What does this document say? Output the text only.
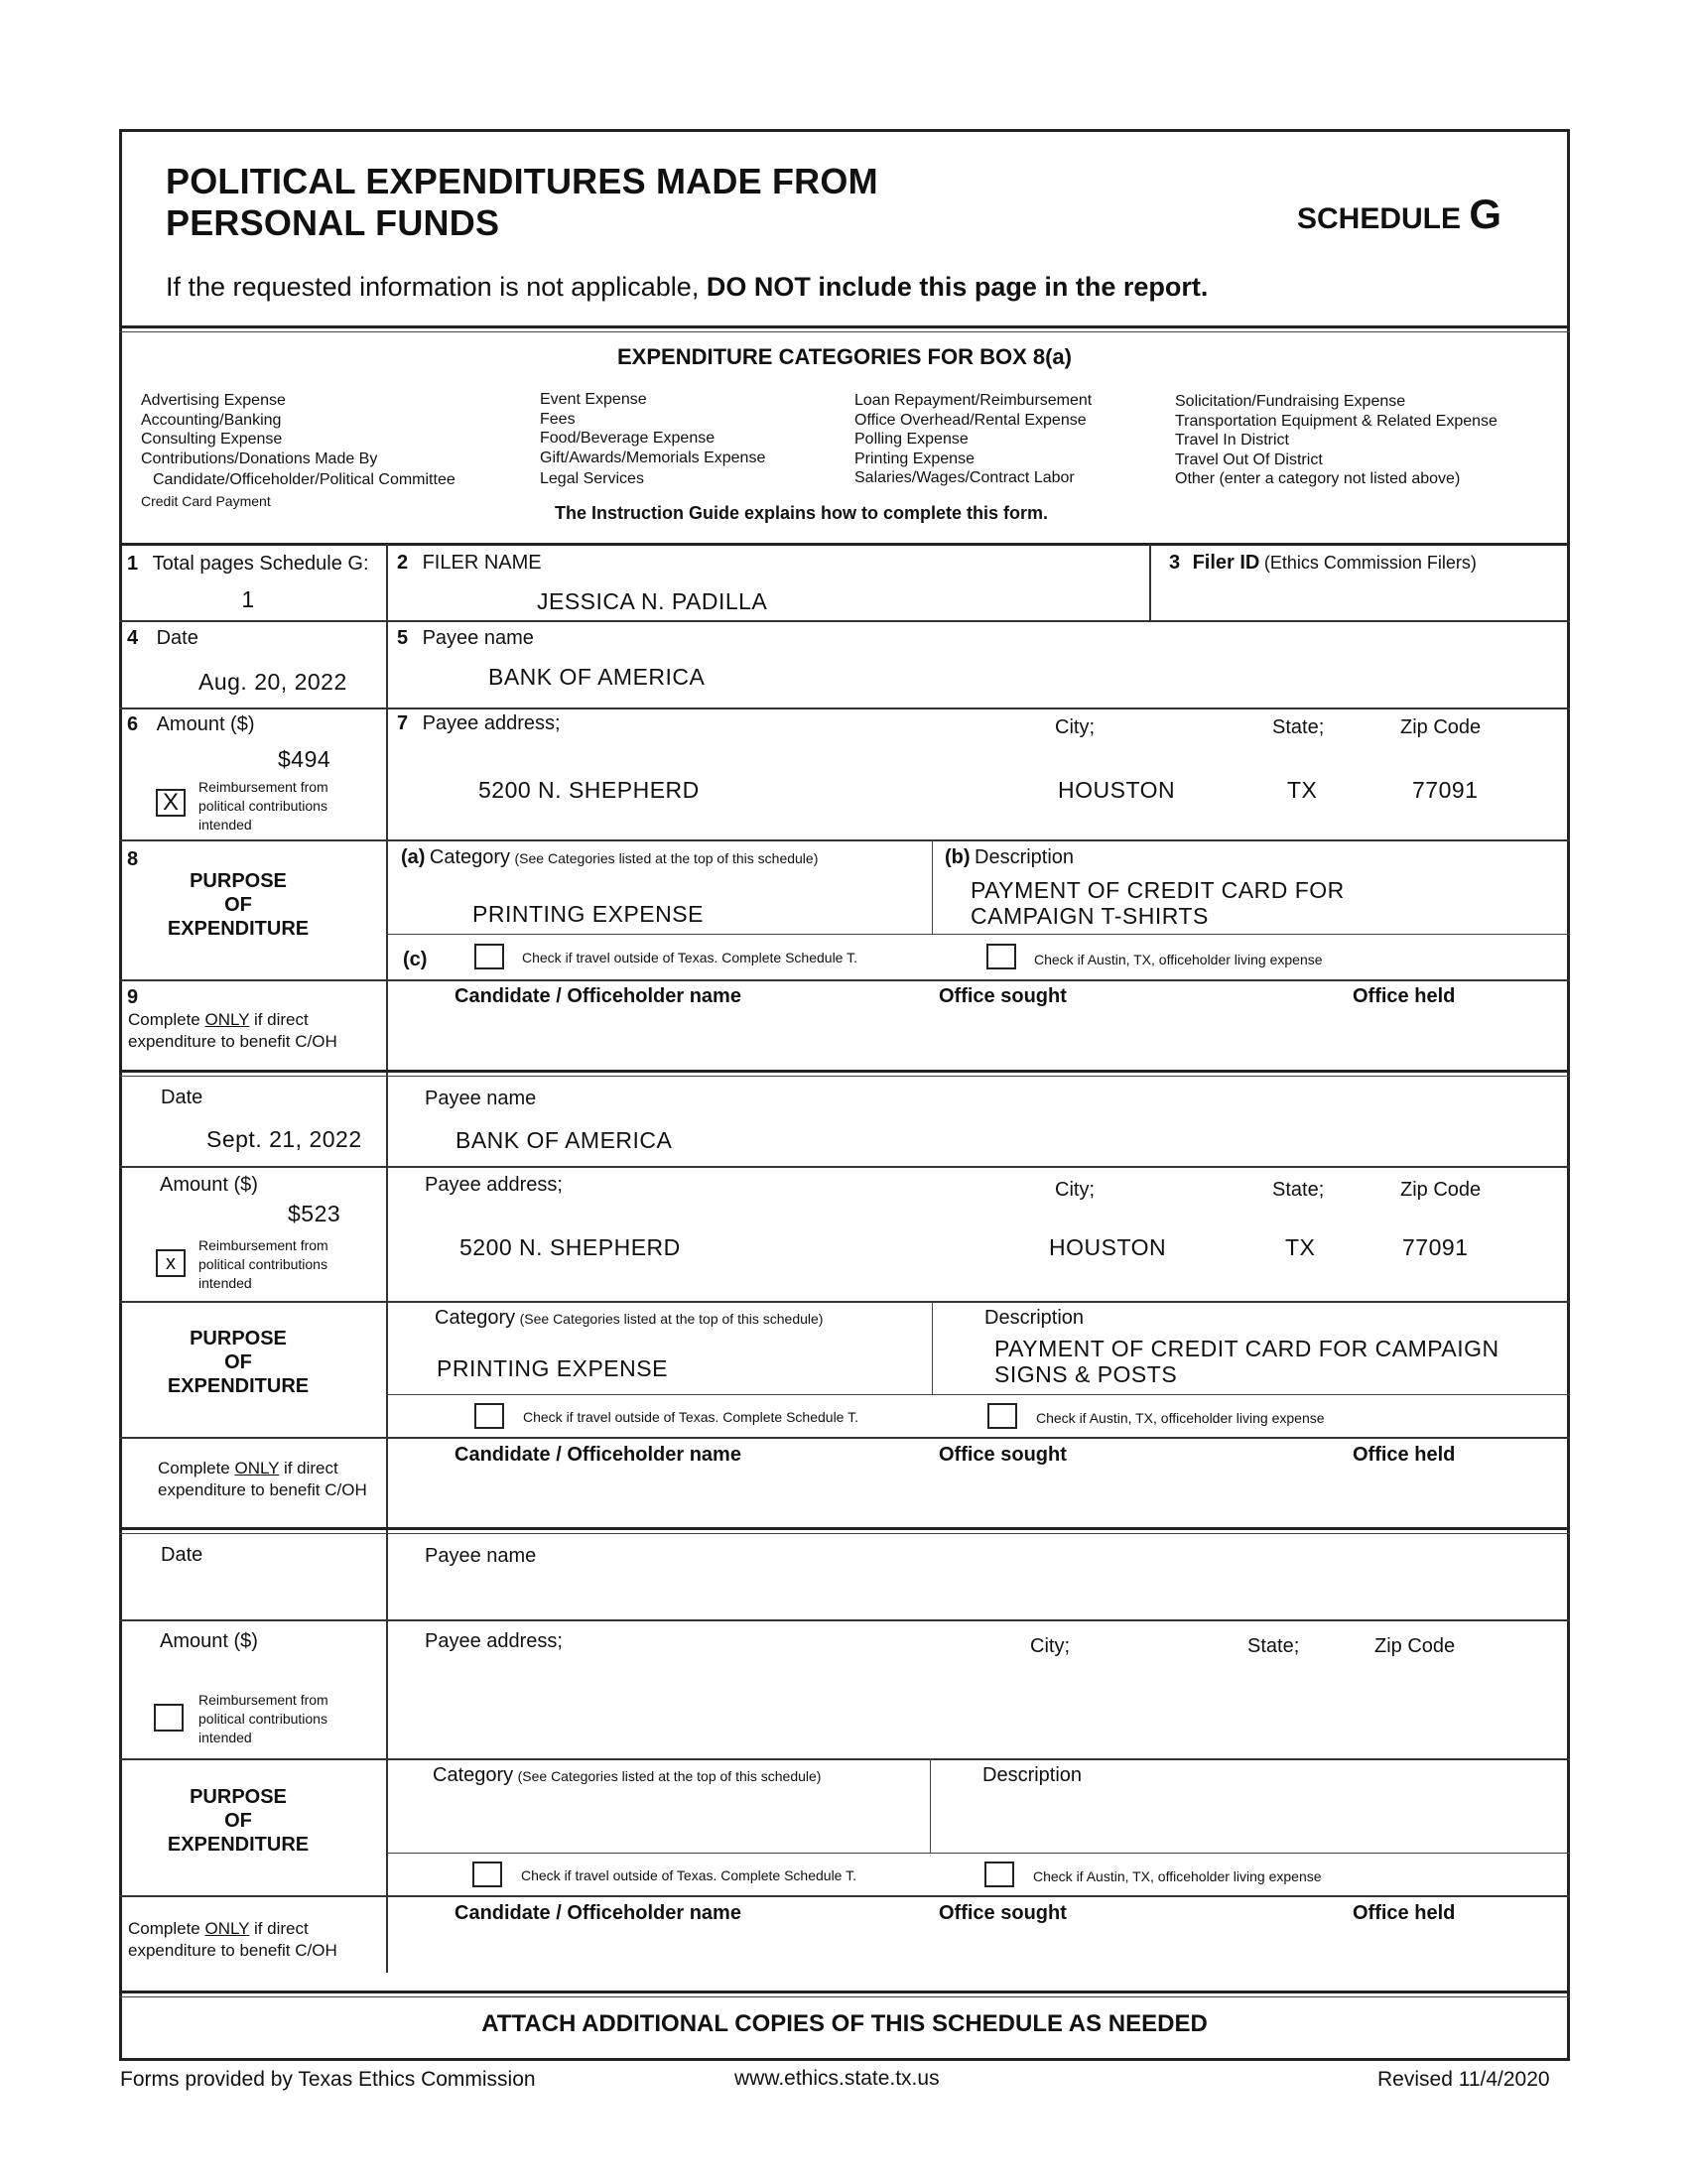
POLITICAL EXPENDITURES MADE FROM
PERSONAL FUNDS	SCHEDULE G
If the requested information is not applicable, DO NOT include this page in the report.
EXPENDITURE CATEGORIES FOR BOX 8(a)
Advertising Expense
Accounting/Banking
Consulting Expense
Contributions/Donations Made By
Candidate/Officeholder/Political Committee
Credit Card Payment
Event Expense
Fees
Food/Beverage Expense
Gift/Awards/Memorials Expense
Legal Services
Loan Repayment/Reimbursement
Office Overhead/Rental Expense
Polling Expense
Printing Expense
Salaries/Wages/Contract Labor
Solicitation/Fundraising Expense
Transportation Equipment & Related Expense
Travel In District
Travel Out Of District
Other (enter a category not listed above)
The Instruction Guide explains how to complete this form.
1 Total pages Schedule G:
1
2 FILER NAME
JESSICA N. PADILLA
3 Filer ID (Ethics Commission Filers)
4 Date
Aug. 20, 2022
5 Payee name
BANK OF AMERICA
6 Amount ($)
$494
X
Reimbursement from
political contributions
intended
7 Payee address;	City;	State;	Zip Code
5200 N. SHEPHERD	HOUSTON	TX	77091
8
PURPOSE
OF
EXPENDITURE
(a) Category (See Categories listed at the top of this schedule)
PRINTING EXPENSE
(b) Description
PAYMENT OF CREDIT CARD FOR
CAMPAIGN T-SHIRTS
(c)	Check if travel outside of Texas. Complete Schedule T.	Check if Austin, TX, officeholder living expense
9
Complete ONLY if direct
expenditure to benefit C/OH
Candidate / Officeholder name	Office sought	Office held
Date
Sept. 21, 2022
Payee name
BANK OF AMERICA
Amount ($)
$523
x
Reimbursement from
political contributions
intended
Payee address;	City;	State;	Zip Code
5200 N. SHEPHERD	HOUSTON	TX	77091
PURPOSE
OF
EXPENDITURE
Category (See Categories listed at the top of this schedule)
PRINTING EXPENSE
Description
PAYMENT OF CREDIT CARD FOR CAMPAIGN
SIGNS & POSTS
Check if travel outside of Texas. Complete Schedule T.	Check if Austin, TX, officeholder living expense
Complete ONLY if direct
expenditure to benefit C/OH
Candidate / Officeholder name	Office sought	Office held
Date	Payee name
Amount ($)
Reimbursement from
political contributions
intended
Payee address;	City;	State;	Zip Code
PURPOSE
OF
EXPENDITURE
Category (See Categories listed at the top of this schedule)	Description
Check if travel outside of Texas. Complete Schedule T.	Check if Austin, TX, officeholder living expense
Complete ONLY if direct
expenditure to benefit C/OH
Candidate / Officeholder name	Office sought	Office held
ATTACH ADDITIONAL COPIES OF THIS SCHEDULE AS NEEDED
Forms provided by Texas Ethics Commission	www.ethics.state.tx.us	Revised 11/4/2020
